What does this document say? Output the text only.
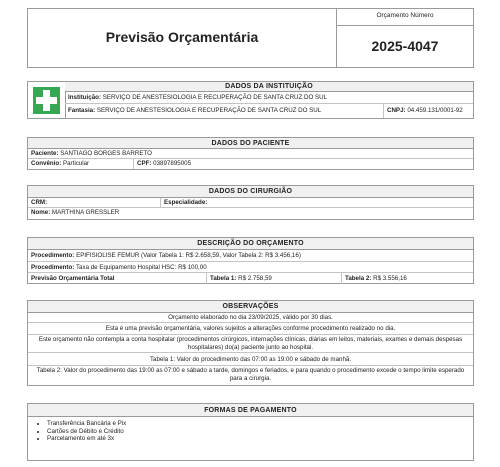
Previsão Orçamentária
Orçamento Número
2025-4047
DADOS DA INSTITUIÇÃO
Instituição: SERVIÇO DE ANESTESIOLOGIA E RECUPERAÇÃO DE SANTA CRUZ DO SUL
Fantasia: SERVIÇO DE ANESTESIOLOGIA E RECUPERAÇÃO DE SANTA CRUZ DO SUL	CNPJ: 04.459.131/0001-92
DADOS DO PACIENTE
Paciente: SANTIAGO BORGES BARRETO
Convênio: Particular	CPF: 03897895005
DADOS DO CIRURGIÃO
CRM:	Especialidade:
Nome: MARTHINA GRESSLER
DESCRIÇÃO DO ORÇAMENTO
Procedimento: EPIFISIOLISE FEMUR (Valor Tabela 1: R$ 2.658,59, Valor Tabela 2: R$ 3.456,16)
Procedimento: Taxa de Equipamento Hospital HSC: R$ 100,00
Previsão Orçamentária Total	Tabela 1: R$ 2.758,59	Tabela 2: R$ 3.556,16
OBSERVAÇÕES
Orçamento elaborado no dia 23/09/2025, válido por 30 dias.
Esta é uma previsão orçamentária, valores sujeitos a alterações conforme procedimento realizado no dia.
Este orçamento não contempla a conta hospitalar (procedimentos cirúrgicos, internações clínicas, diárias em leitos, materiais, exames e demais despesas hospitalares) do(a) paciente junto ao hospital.
Tabela 1: Valor do procedimento das 07:00 as 19:00 e sábado de manhã.
Tabela 2: Valor do procedimento das 19:00 as 07:00 e sábado a tarde, domingos e feriados, e para quando o procedimento excede o tempo limite esperado para a cirurgia.
FORMAS DE PAGAMENTO
• Transferência Bancária e Pix
• Cartões de Débito e Crédito
• Parcelamento em até 3x
